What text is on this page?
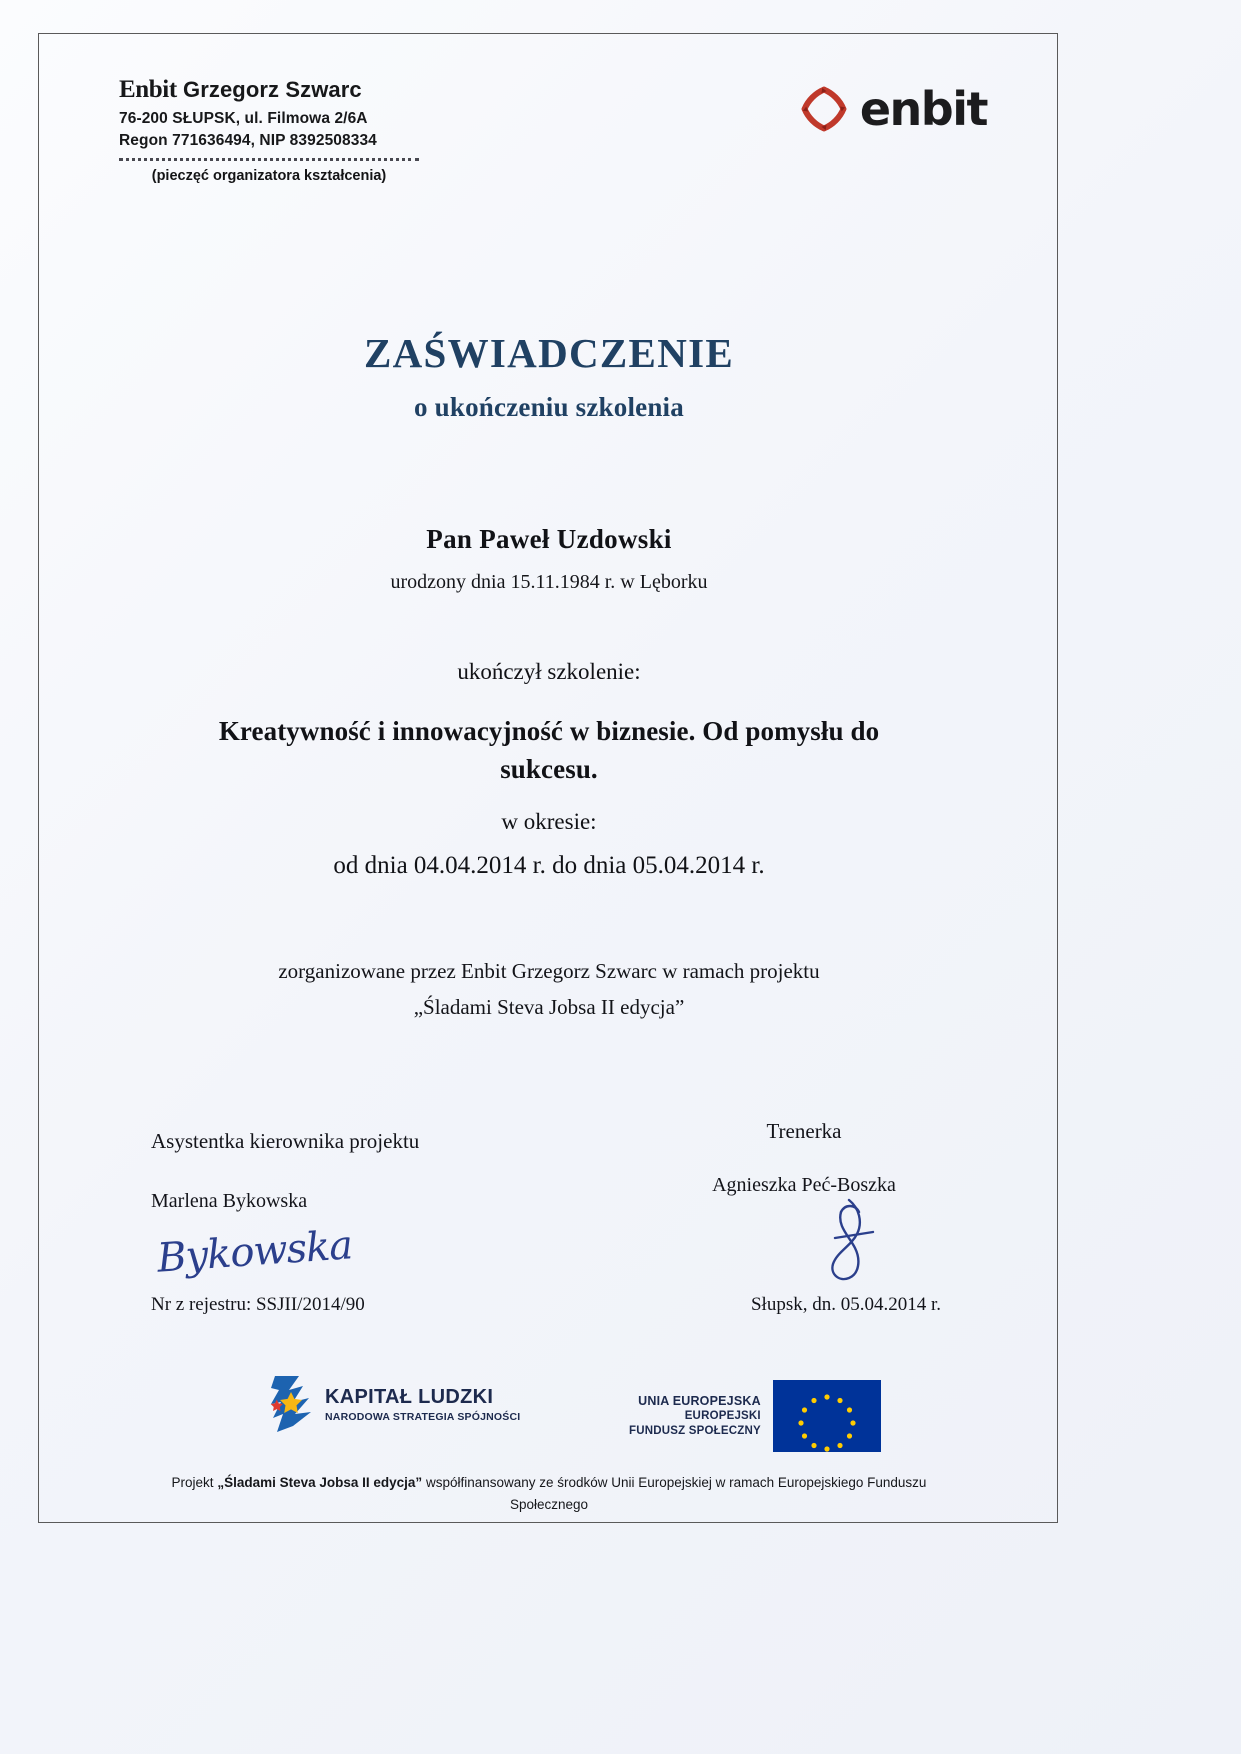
Enbit Grzegorz Szwarc
76-200 SŁUPSK, ul. Filmowa 2/6A
Regon 771636494, NIP 8392508334
(pieczęć organizatora kształcenia)
enbit
ZAŚWIADCZENIE
o ukończeniu szkolenia
Pan Paweł Uzdowski
urodzony dnia 15.11.1984 r. w Lęborku
ukończył szkolenie:
Kreatywność i innowacyjność w biznesie. Od pomysłu do sukcesu.
w okresie:
od dnia 04.04.2014 r. do dnia 05.04.2014 r.
zorganizowane przez Enbit Grzegorz Szwarc w ramach projektu
„Śladami Steva Jobsa II edycja”
Asystentka kierownika projektu
Marlena Bykowska
Bykowska
Trenerka
Agnieszka Peć-Boszka
Nr z rejestru: SSJII/2014/90	Słupsk, dn. 05.04.2014 r.
KAPITAŁ LUDZKI
NARODOWA STRATEGIA SPÓJNOŚCI
UNIA EUROPEJSKA
EUROPEJSKI
FUNDUSZ SPOŁECZNY
Projekt „Śladami Steva Jobsa II edycja” współfinansowany ze środków Unii Europejskiej w ramach Europejskiego Funduszu
Społecznego
